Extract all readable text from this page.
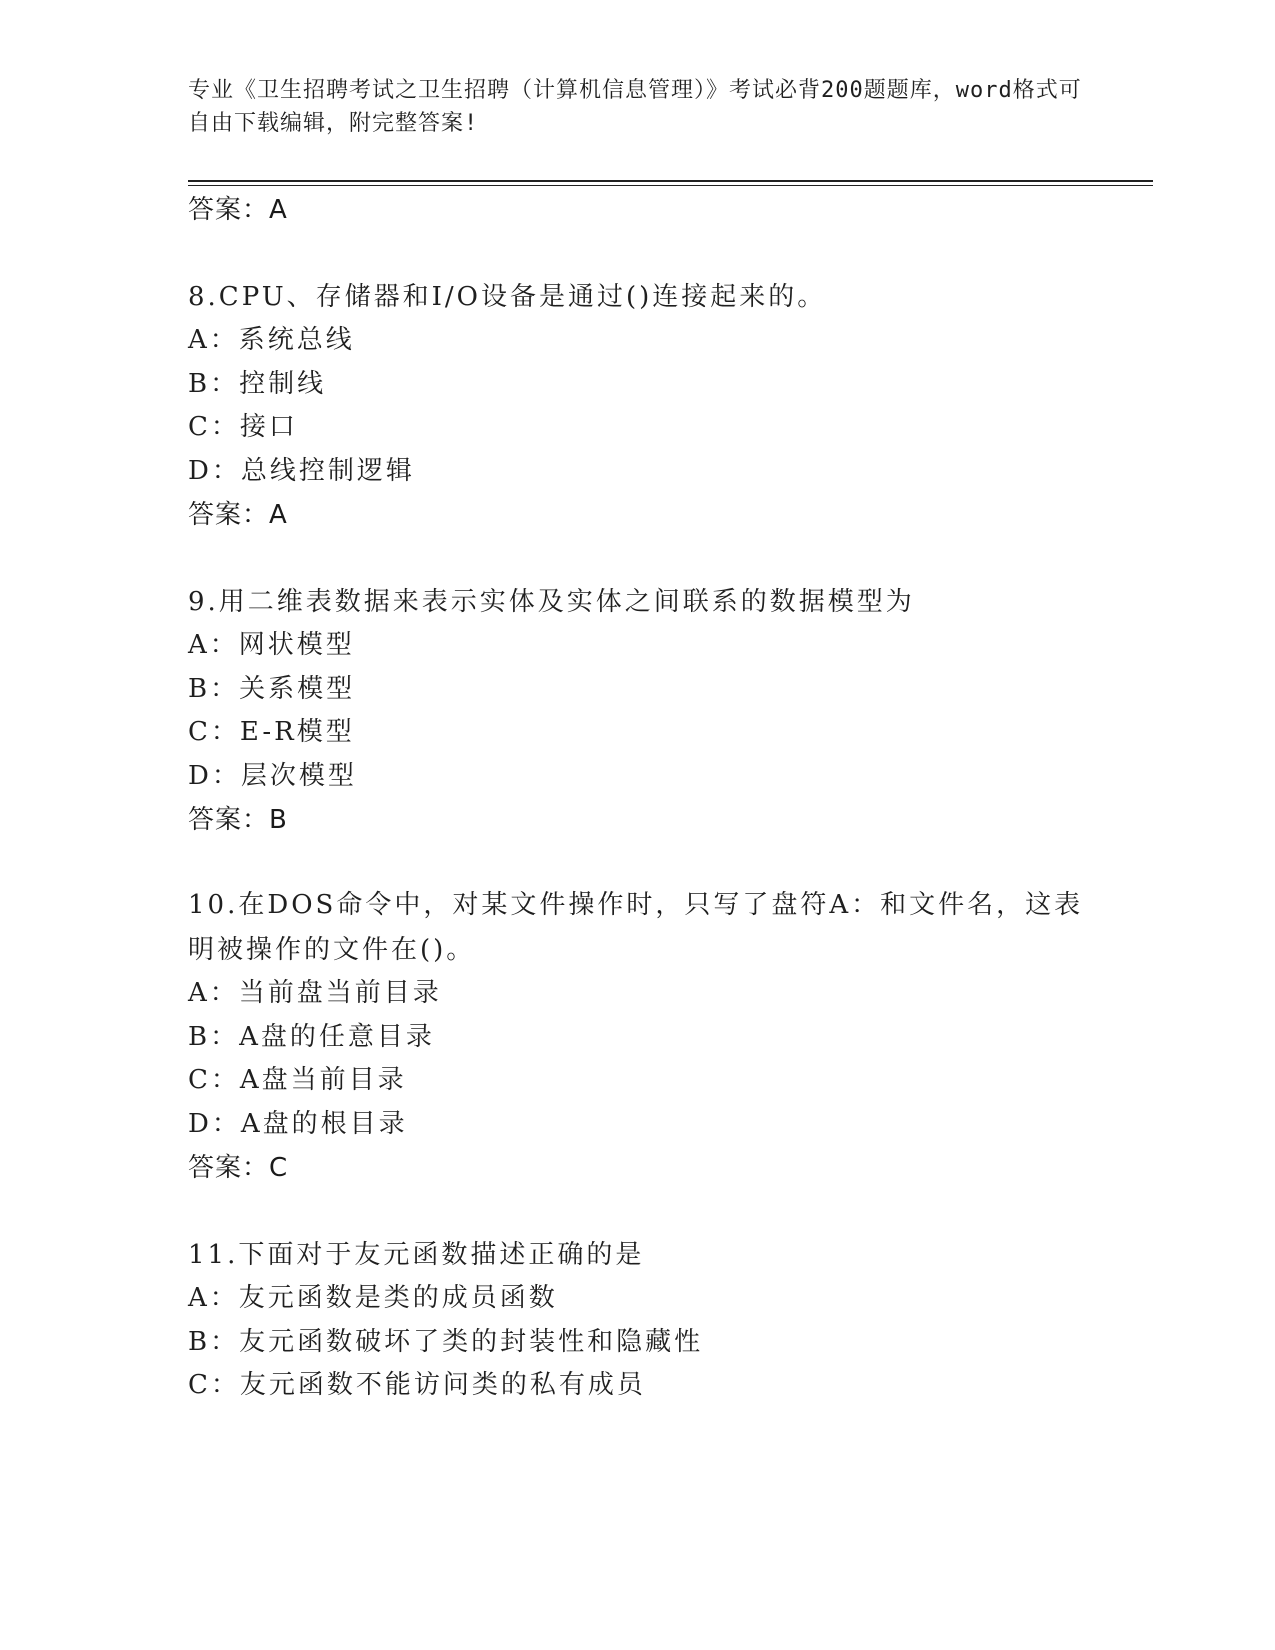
专业《卫生招聘考试之卫生招聘（计算机信息管理）》考试必背200题题库，word格式可自由下载编辑，附完整答案!
答案：A
8.CPU、存储器和I/O设备是通过()连接起来的。
A：系统总线
B：控制线
C：接口
D：总线控制逻辑
答案：A
9.用二维表数据来表示实体及实体之间联系的数据模型为
A：网状模型
B：关系模型
C：E-R模型
D：层次模型
答案：B
10.在DOS命令中，对某文件操作时，只写了盘符A：和文件名，这表明被操作的文件在()。
A：当前盘当前目录
B：A盘的任意目录
C：A盘当前目录
D：A盘的根目录
答案：C
11.下面对于友元函数描述正确的是
A：友元函数是类的成员函数
B：友元函数破坏了类的封装性和隐藏性
C：友元函数不能访问类的私有成员
